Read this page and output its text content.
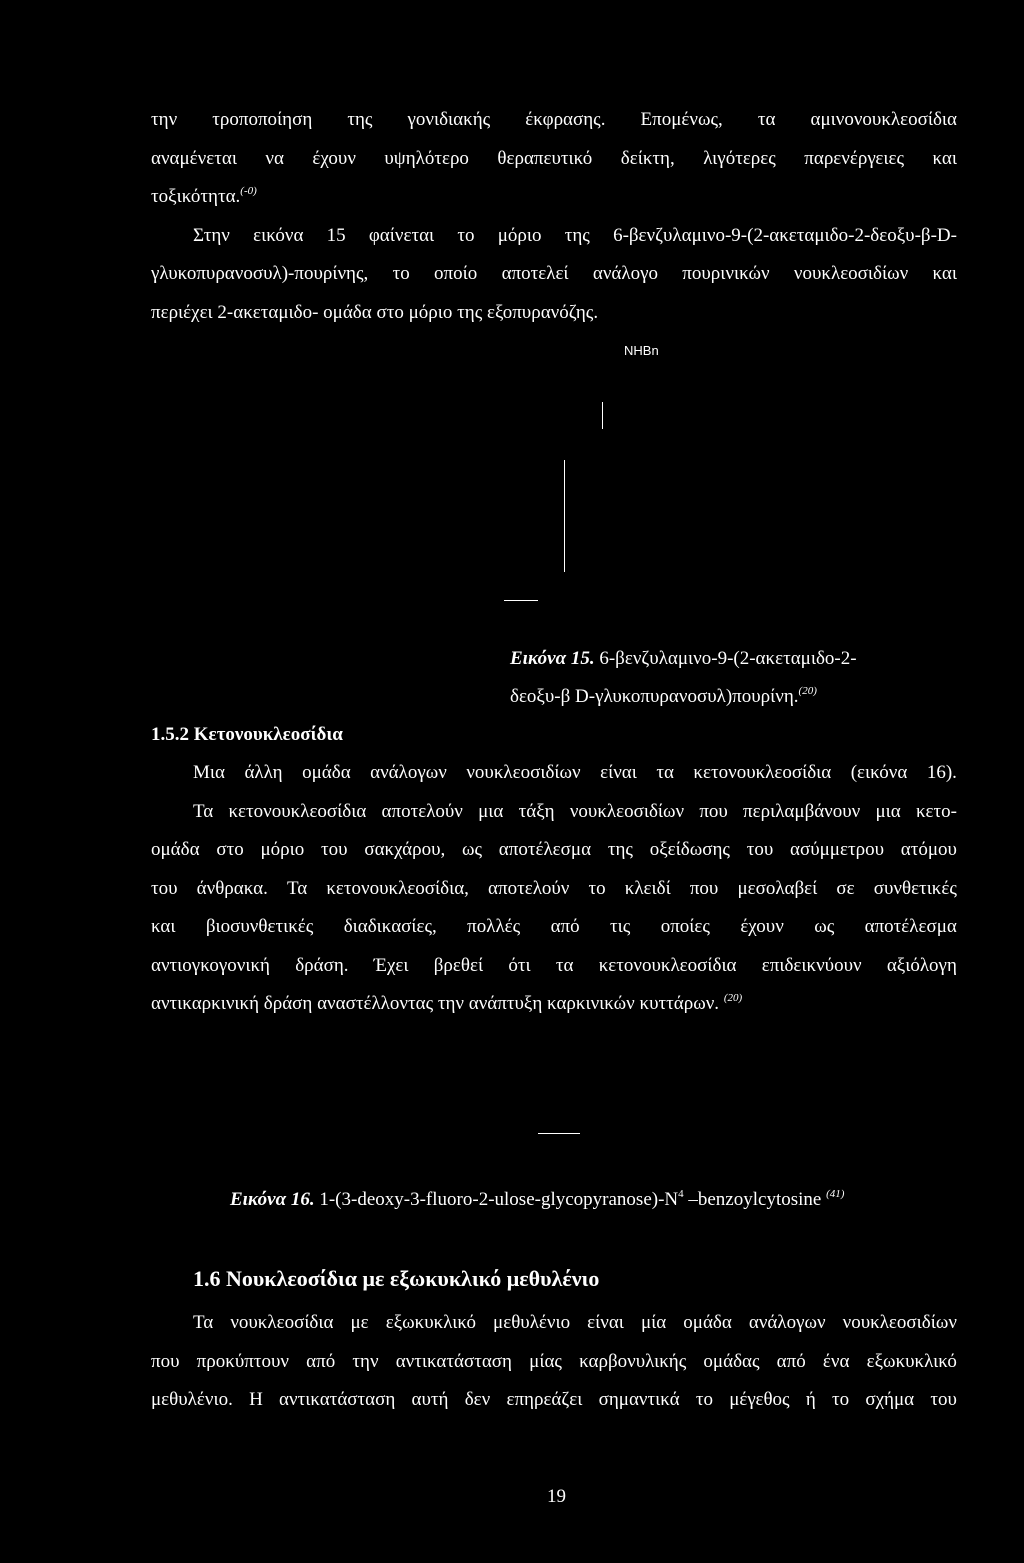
την τροποποίηση της γονιδιακής έκφρασης. Επομένως, τα αμινονουκλεοσίδια
αναμένεται να έχουν υψηλότερο θεραπευτικό δείκτη, λιγότερες παρενέργειες και
τοξικότητα.$^{(-0)}$
Στην εικόνα 15 φαίνεται το μόριο της 6-βενζυλαμινο-9-(2-ακεταμιδο-2-δεοξυ-β-D-
γλυκοπυρανοσυλ)-πουρίνης, το οποίο αποτελεί ανάλογο πουρινικών νουκλεοσιδίων και
περιέχει 2-ακεταμιδο- ομάδα στο μόριο της εξοπυρανόζης.
NHBn
Εικόνα 15. 6-βενζυλαμινο-9-(2-ακεταμιδο-2-
δεοξυ-β D-γλυκοπυρανοσυλ)πουρίνη.$^{(20)}$
1.5.2 Κετονουκλεοσίδια
Μια άλλη ομάδα ανάλογων νουκλεοσιδίων είναι τα κετονουκλεοσίδια (εικόνα 16).
Τα κετονουκλεοσίδια αποτελούν μια τάξη νουκλεοσιδίων που περιλαμβάνουν μια κετο-
ομάδα στο μόριο του σακχάρου, ως αποτέλεσμα της οξείδωσης του ασύμμετρου ατόμου
του άνθρακα. Τα κετονουκλεοσίδια, αποτελούν το κλειδί που μεσολαβεί σε συνθετικές
και βιοσυνθετικές διαδικασίες, πολλές από τις οποίες έχουν ως αποτέλεσμα
αντιογκογονική δράση. Έχει βρεθεί ότι τα κετονουκλεοσίδια επιδεικνύουν αξιόλογη
αντικαρκινική δράση αναστέλλοντας την ανάπτυξη καρκινικών κυττάρων. $^{(20)}$
Εικόνα 16. $1-(3-deoxy-3-fluoro-2-ulose-glycopyranose)-N^4$ –benzoylcytosine $^{(41)}$
1.6 Νουκλεοσίδια με εξωκυκλικό μεθυλένιο
Τα νουκλεοσίδια με εξωκυκλικό μεθυλένιο είναι μία ομάδα ανάλογων νουκλεοσιδίων
που προκύπτουν από την αντικατάσταση μίας καρβονυλικής ομάδας από ένα εξωκυκλικό
μεθυλένιο. Η αντικατάσταση αυτή δεν επηρεάζει σημαντικά το μέγεθος ή το σχήμα του
19
